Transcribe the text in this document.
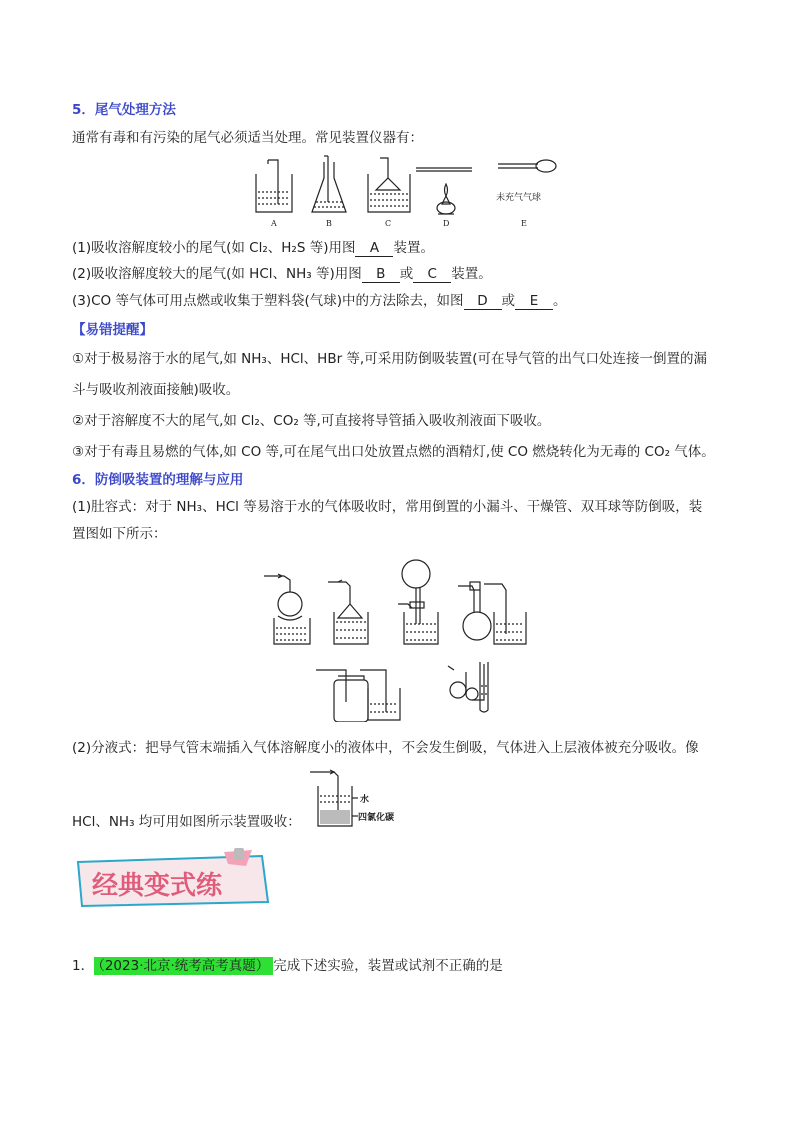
5．尾气处理方法
通常有毒和有污染的尾气必须适当处理。常见装置仪器有：
A	B	C	D	E
未充气气球
(1)吸收溶解度较小的尾气(如 Cl₂、H₂S 等)用图 A 装置。
(2)吸收溶解度较大的尾气(如 HCl、NH₃ 等)用图 B 或 C 装置。
(3)CO 等气体可用点燃或收集于塑料袋(气球)中的方法除去，如图 D 或 E 。
【易错提醒】
①对于极易溶于水的尾气,如 NH₃、HCl、HBr 等,可采用防倒吸装置(可在导气管的出气口处连接一倒置的漏
斗与吸收剂液面接触)吸收。
②对于溶解度不大的尾气,如 Cl₂、CO₂ 等,可直接将导管插入吸收剂液面下吸收。
③对于有毒且易燃的气体,如 CO 等,可在尾气出口处放置点燃的酒精灯,使 CO 燃烧转化为无毒的 CO₂ 气体。
6．防倒吸装置的理解与应用
(1)肚容式：对于 NH₃、HCl 等易溶于水的气体吸收时，常用倒置的小漏斗、干燥管、双耳球等防倒吸，装
置图如下所示：
(2)分液式：把导气管末端插入气体溶解度小的液体中，不会发生倒吸，气体进入上层液体被充分吸收。像
HCl、NH₃ 均可用如图所示装置吸收：
水
四氯化碳
经典变式练
1． （2023·北京·统考高考真题） 完成下述实验，装置或试剂不正确的是
